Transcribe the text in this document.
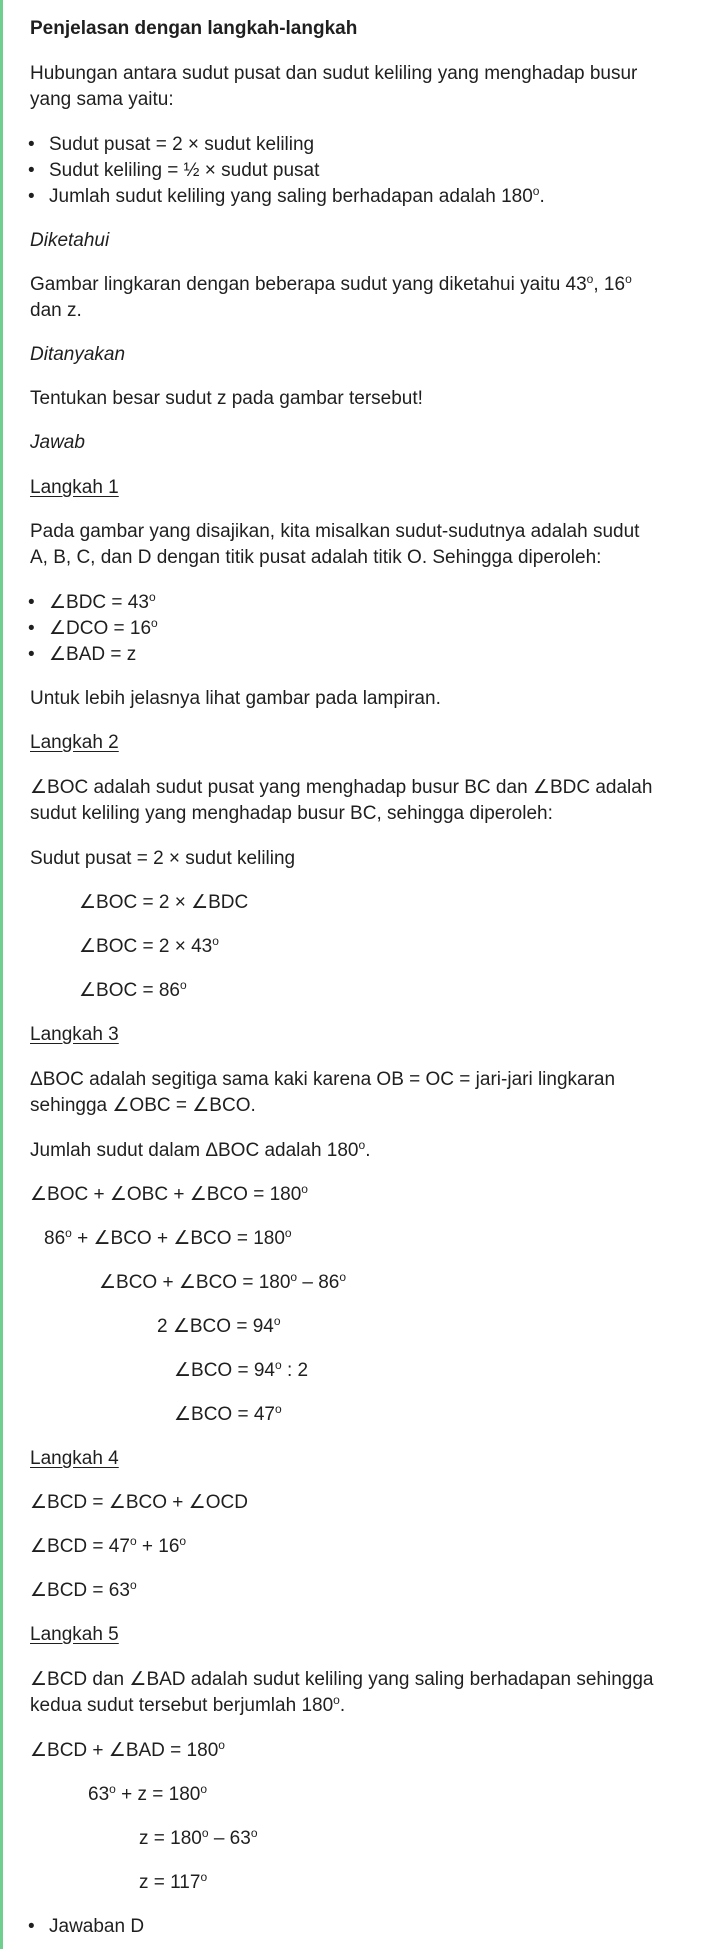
Penjelasan dengan langkah-langkah
Hubungan antara sudut pusat dan sudut keliling yang menghadap busur
yang sama yaitu:
• Sudut pusat = 2 × sudut keliling
• Sudut keliling = ½ × sudut pusat
• Jumlah sudut keliling yang saling berhadapan adalah 180$^o$.
Diketahui
Gambar lingkaran dengan beberapa sudut yang diketahui yaitu 43$^o$, 16$^o$
dan z.
Ditanyakan
Tentukan besar sudut z pada gambar tersebut!
Jawab
Langkah 1
Pada gambar yang disajikan, kita misalkan sudut-sudutnya adalah sudut
A, B, C, dan D dengan titik pusat adalah titik O. Sehingga diperoleh:
• ∠BDC = $43^o$
• ∠DCO = $16^o$
• ∠BAD = z
Untuk lebih jelasnya lihat gambar pada lampiran.
Langkah 2
∠BOC adalah sudut pusat yang menghadap busur BC dan ∠BDC adalah
sudut keliling yang menghadap busur BC, sehingga diperoleh:
Sudut pusat = 2 × sudut keliling
∠BOC = 2 × ∠BDC
∠BOC = $2 \times 43^o$
∠BOC = $86^o$
Langkah 3
ΔBOC adalah segitiga sama kaki karena OB = OC = jari-jari lingkaran
sehingga ∠OBC = ∠BCO.
Jumlah sudut dalam ΔBOC adalah 180$^o$.
∠BOC + ∠OBC + ∠BCO = $180^o$
$86^o$ + ∠BCO + ∠BCO = $180^o$
∠BCO + ∠BCO = $180^o - 86^o$
2 ∠BCO = $94^o$
∠BCO = $94^o$ : 2
∠BCO = $47^o$
Langkah 4
∠BCD = ∠BCO + ∠OCD
∠BCD = $47^o + 16^o$
∠BCD = $63^o$
Langkah 5
∠BCD dan ∠BAD adalah sudut keliling yang saling berhadapan sehingga
kedua sudut tersebut berjumlah 180$^o$.
∠BCD + ∠BAD = $180^o$
$63^o + z = 180^o$
$z = 180^o - 63^o$
$z = 117^o$
• Jawaban D
